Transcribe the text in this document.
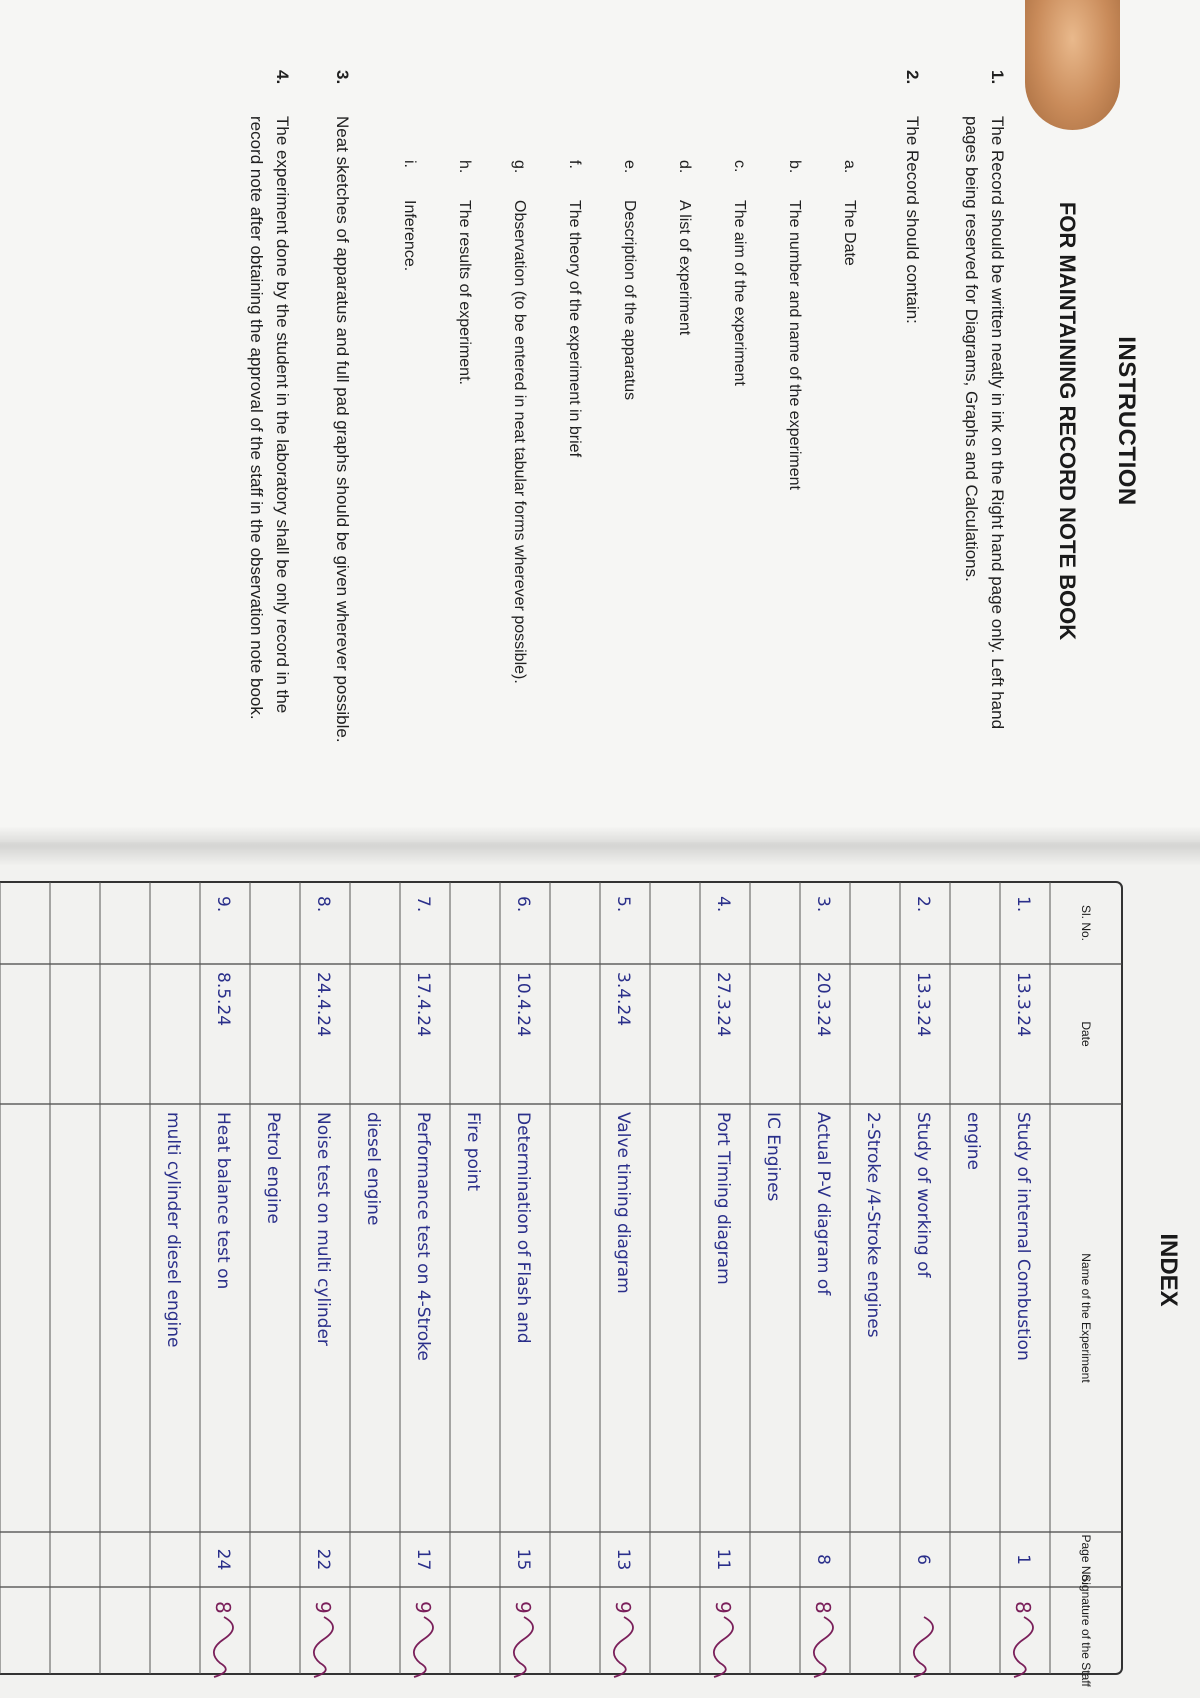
INSTRUCTION
FOR MAINTAINING RECORD NOTE BOOK
1.The Record should be written neatly in ink on the Right hand page only. Left hand
pages being reserved for Diagrams, Graphs and Calculations.
2.The Record should contain:
a.The Date
b.The number and name of the experiment
c.The aim of the experiment
d.A list of experiment
e.Description of the apparatus
f.The theory of the experiment in brief
g.Observation (to be entered in neat tabular forms wherever possible).
h.The results of experiment.
i.Inference.
3.Neat sketches of apparatus and full pad graphs should be given wherever possible.
4.The experiment done by the student in the laboratory shall be only record in the
record note after obtaining the approval of the staff in the observation note book.
INDEX
Sl. No.
Date
Name of the Experiment
Page No.
Signature of the Staff
1.
13.3.24
Study of internal Combustion
engine
1
8
2.
13.3.24
Study of working of
2-Stroke /4-Stroke engines
6
3.
20.3.24
Actual P-V diagram of
IC Engines
8
8
4.
27.3.24
Port Timing diagram
11
9
5.
3.4.24
Valve timing diagram
13
9
6.
10.4.24
Determination of Flash and
Fire point
15
9
7.
17.4.24
Performance test on 4-Stroke
diesel engine
17
9
8.
24.4.24
Noise test on multi cylinder
Petrol engine
22
9
9.
8.5.24
Heat balance test on
multi cylinder diesel engine
24
8
